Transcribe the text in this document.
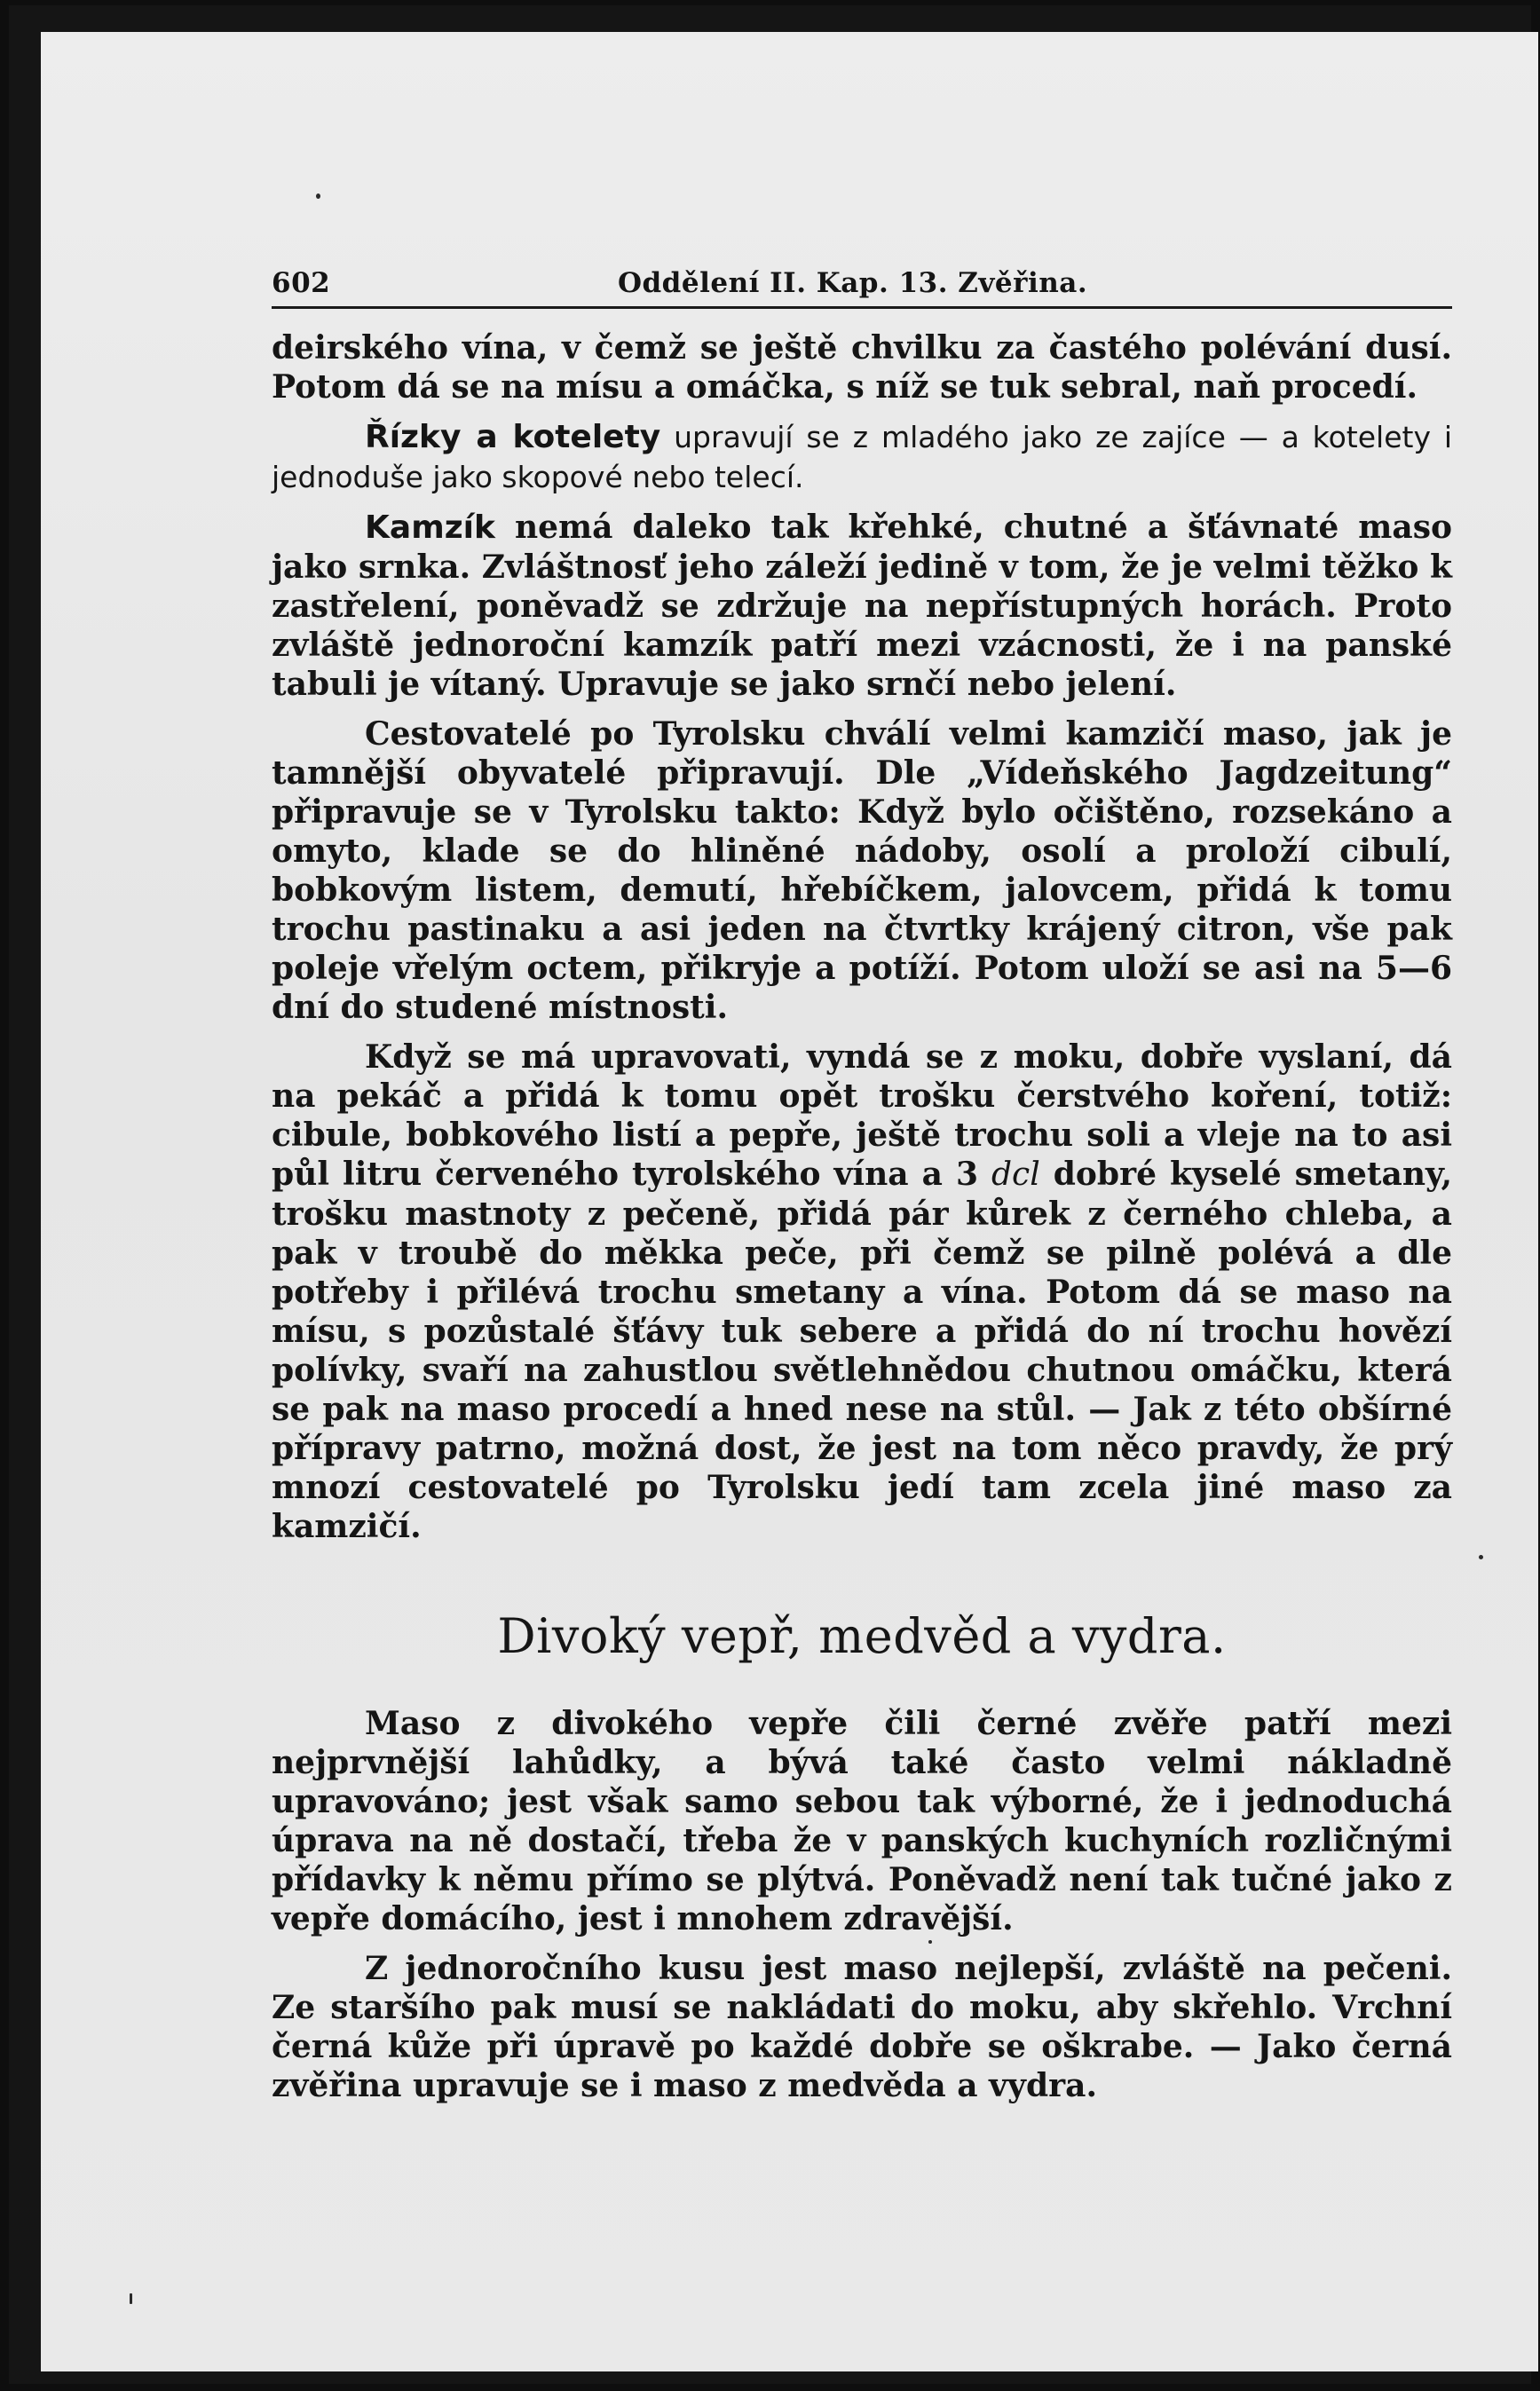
602	Oddělení II. Kap. 13. Zvěřina.

deirského vína, v čemž se ještě chvilku za častého polévání dusí. Potom dá se na mísu a omáčka, s níž se tuk sebral, naň procedí.

Řízky a kotelety upravují se z mladého jako ze zajíce — a kotelety i jednoduše jako skopové nebo telecí.

Kamzík nemá daleko tak křehké, chutné a šťávnaté maso jako srnka. Zvláštnosť jeho záleží jedině v tom, že je velmi těžko k zastřelení, poněvadž se zdržuje na nepřístupných horách. Proto zvláště jednoroční kamzík patří mezi vzácnosti, že i na panské tabuli je vítaný. Upravuje se jako srnčí nebo jelení.

Cestovatelé po Tyrolsku chválí velmi kamzičí maso, jak je tamnější obyvatelé připravují. Dle „Vídeňského Jagdzeitung“ připravuje se v Tyrolsku takto: Když bylo očištěno, rozsekáno a omyto, klade se do hliněné nádoby, osolí a proloží cibulí, bobkovým listem, demutí, hřebíčkem, jalovcem, přidá k tomu trochu pastinaku a asi jeden na čtvrtky krájený citron, vše pak poleje vřelým octem, přikryje a potíží. Potom uloží se asi na 5—6 dní do studené místnosti.

Když se má upravovati, vyndá se z moku, dobře vyslaní, dá na pekáč a přidá k tomu opět trošku čerstvého koření, totiž: cibule, bobkového listí a pepře, ještě trochu soli a vleje na to asi půl litru červeného tyrolského vína a 3 dcl dobré kyselé smetany, trošku mastnoty z pečeně, přidá pár kůrek z černého chleba, a pak v troubě do měkka peče, při čemž se pilně polévá a dle potřeby i přilévá trochu smetany a vína. Potom dá se maso na mísu, s pozůstalé šťávy tuk sebere a přidá do ní trochu hovězí polívky, svaří na zahustlou světlehnědou chutnou omáčku, která se pak na maso procedí a hned nese na stůl. — Jak z této obšírné přípravy patrno, možná dost, že jest na tom něco pravdy, že prý mnozí cestovatelé po Tyrolsku jedí tam zcela jiné maso za kamzičí.

Divoký vepř, medvěd a vydra.

Maso z divokého vepře čili černé zvěře patří mezi nejprvnější lahůdky, a bývá také často velmi nákladně upravováno; jest však samo sebou tak výborné, že i jednoduchá úprava na ně dostačí, třeba že v panských kuchyních rozličnými přídavky k němu přímo se plýtvá. Poněvadž není tak tučné jako z vepře domácího, jest i mnohem zdravější.

Z jednoročního kusu jest maso nejlepší, zvláště na pečeni. Ze staršího pak musí se nakládati do moku, aby skřehlo. Vrchní černá kůže při úpravě po každé dobře se oškrabe. — Jako černá zvěřina upravuje se i maso z medvěda a vydra.
